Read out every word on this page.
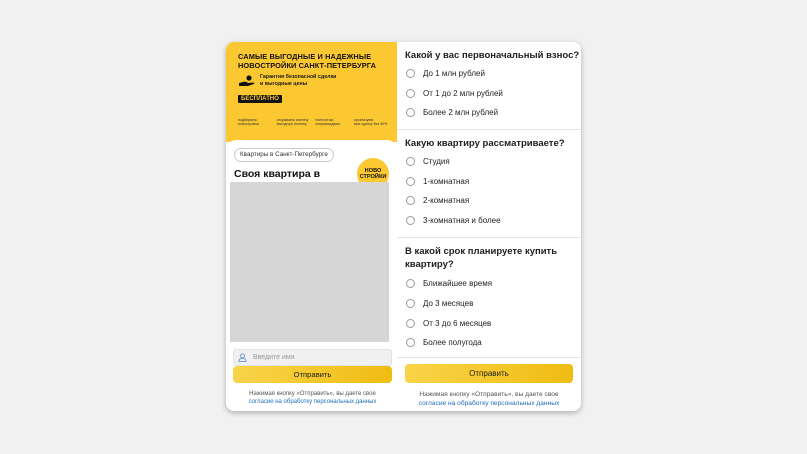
САМЫЕ ВЫГОДНЫЕ И НАДЕЖНЫЕ
НОВОСТРОЙКИ САНКТ-ПЕТЕРБУРГА
Гарантия безопасной сделки
и выгодные цены
БЕСПЛАТНО
подбираем
новостройки
открываем ипотеку
выгодную ипотеку
полностью
сопровождаем
организуем
всю сделку без 90%
Квартиры в Санкт-Петербурге
НОВО
СТРОЙКИ
Своя квартира в
Введите имя
Отправить
Нажимая кнопку «Отправить», вы даете свое
согласие на обработку персональных данных
Какой у вас первоначальный взнос?
До 1 млн рублей
От 1 до 2 млн рублей
Более 2 млн рублей
Какую квартиру рассматриваете?
Студия
1-комнатная
2-комнатная
3-комнатная и более
В какой срок планируете купить
квартиру?
Ближайшее время
До 3 месяцев
От 3 до 6 месяцев
Более полугода
Отправить
Нажимая кнопку «Отправить», вы даете свое
согласие на обработку персональных данных
